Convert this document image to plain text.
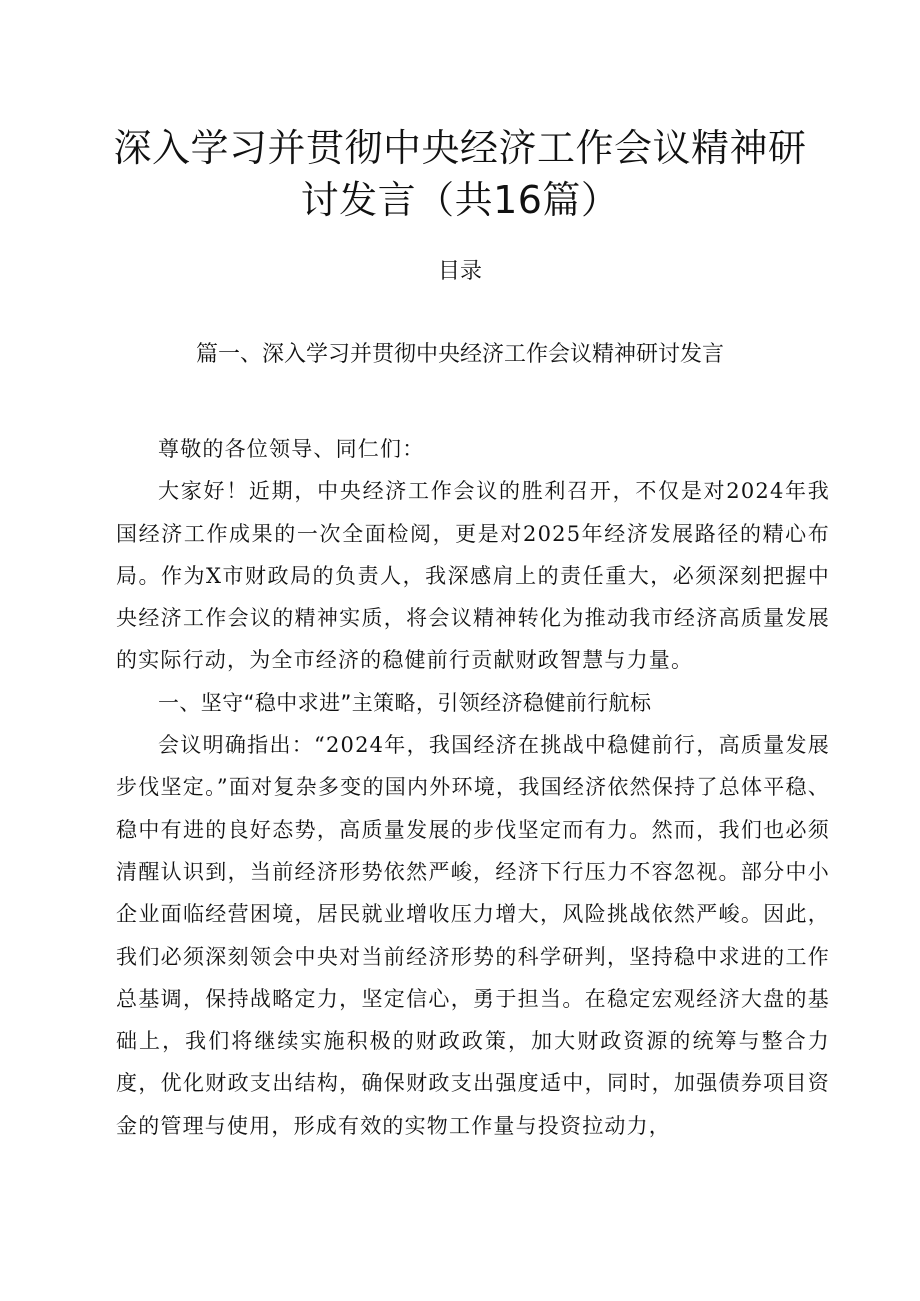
深入学习并贯彻中央经济工作会议精神研讨发言（共16篇）
目录
篇一、深入学习并贯彻中央经济工作会议精神研讨发言

尊敬的各位领导、同仁们：

大家好！近期，中央经济工作会议的胜利召开，不仅是对2024年我国经济工作成果的一次全面检阅，更是对2025年经济发展路径的精心布局。作为X市财政局的负责人，我深感肩上的责任重大，必须深刻把握中央经济工作会议的精神实质，将会议精神转化为推动我市经济高质量发展的实际行动，为全市经济的稳健前行贡献财政智慧与力量。

一、坚守“稳中求进”主策略，引领经济稳健前行航标

会议明确指出：“2024年，我国经济在挑战中稳健前行，高质量发展步伐坚定。”面对复杂多变的国内外环境，我国经济依然保持了总体平稳、稳中有进的良好态势，高质量发展的步伐坚定而有力。然而，我们也必须清醒认识到，当前经济形势依然严峻，经济下行压力不容忽视。部分中小企业面临经营困境，居民就业增收压力增大，风险挑战依然严峻。因此，我们必须深刻领会中央对当前经济形势的科学研判，坚持稳中求进的工作总基调，保持战略定力，坚定信心，勇于担当。在稳定宏观经济大盘的基础上，我们将继续实施积极的财政政策，加大财政资源的统筹与整合力度，优化财政支出结构，确保财政支出强度适中，同时，加强债券项目资金的管理与使用，形成有效的实物工作量与投资拉动力，
